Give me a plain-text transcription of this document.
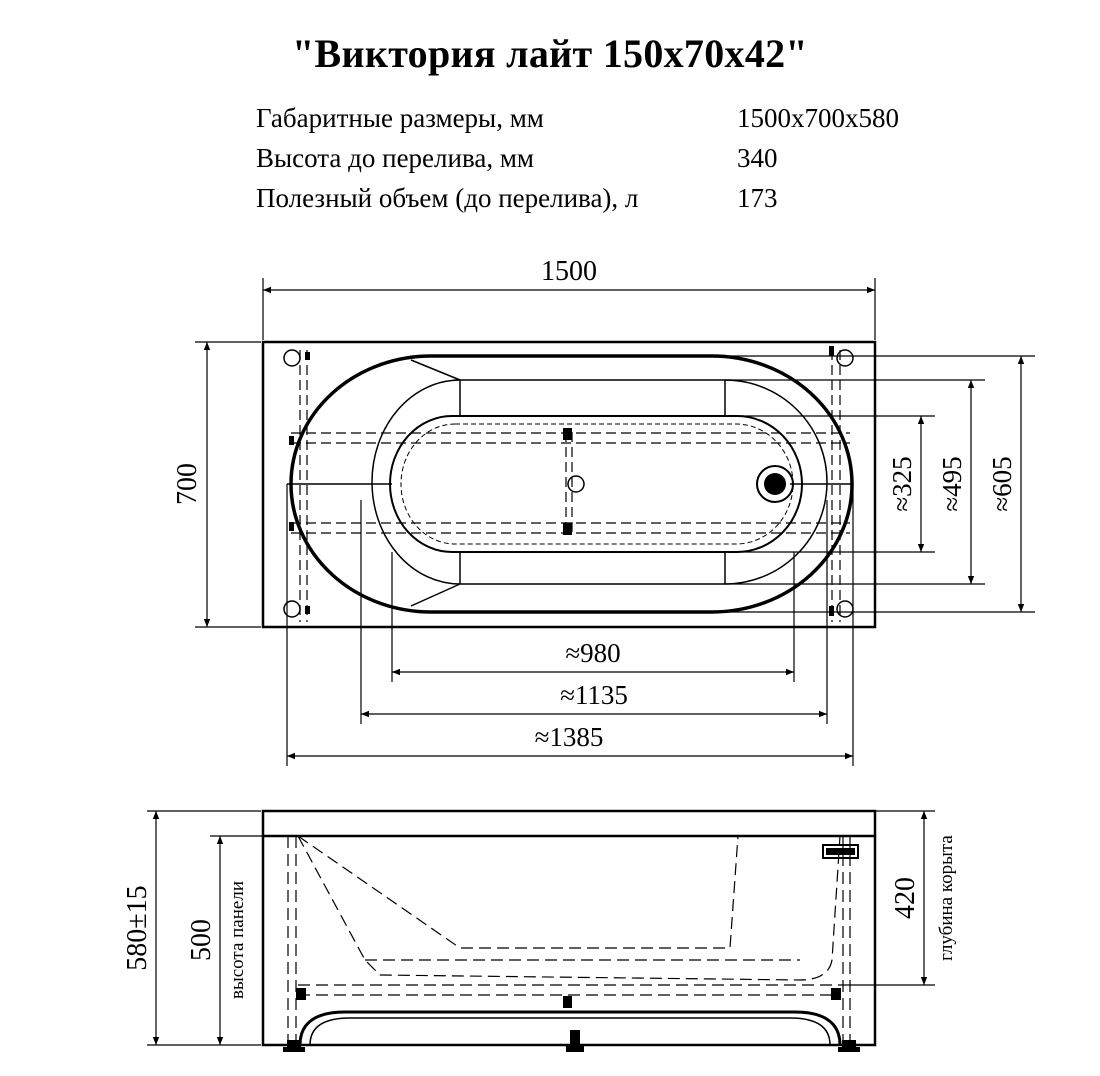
"Виктория лайт 150x70x42"
Габаритные размеры, мм	1500x700x580
Высота до перелива, мм	340
Полезный объем (до перелива), л	173
1500
700
≈980
≈1135
≈1385
≈325 ≈495 ≈605
580±15 500 высота панели	420 глубина корыта
